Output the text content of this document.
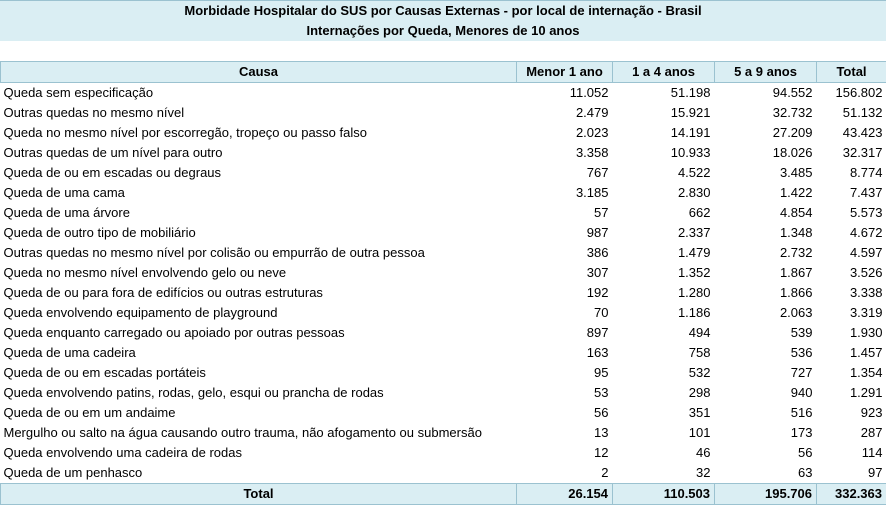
Morbidade Hospitalar do SUS por Causas Externas - por local de internação - Brasil
Internações por Queda, Menores de 10 anos
Causa	Menor 1 ano	1 a 4 anos	5 a 9 anos	Total
Queda sem especificação	11.052	51.198	94.552	156.802
Outras quedas no mesmo nível	2.479	15.921	32.732	51.132
Queda no mesmo nível por escorregão, tropeço ou passo falso	2.023	14.191	27.209	43.423
Outras quedas de um nível para outro	3.358	10.933	18.026	32.317
Queda de ou em escadas ou degraus	767	4.522	3.485	8.774
Queda de uma cama	3.185	2.830	1.422	7.437
Queda de uma árvore	57	662	4.854	5.573
Queda de outro tipo de mobiliário	987	2.337	1.348	4.672
Outras quedas no mesmo nível por colisão ou empurrão de outra pessoa	386	1.479	2.732	4.597
Queda no mesmo nível envolvendo gelo ou neve	307	1.352	1.867	3.526
Queda de ou para fora de edifícios ou outras estruturas	192	1.280	1.866	3.338
Queda envolvendo equipamento de playground	70	1.186	2.063	3.319
Queda enquanto carregado ou apoiado por outras pessoas	897	494	539	1.930
Queda de uma cadeira	163	758	536	1.457
Queda de ou em escadas portáteis	95	532	727	1.354
Queda envolvendo patins, rodas, gelo, esqui ou prancha de rodas	53	298	940	1.291
Queda de ou em um andaime	56	351	516	923
Mergulho ou salto na água causando outro trauma, não afogamento ou submersão	13	101	173	287
Queda envolvendo uma cadeira de rodas	12	46	56	114
Queda de um penhasco	2	32	63	97
Total	26.154	110.503	195.706	332.363
